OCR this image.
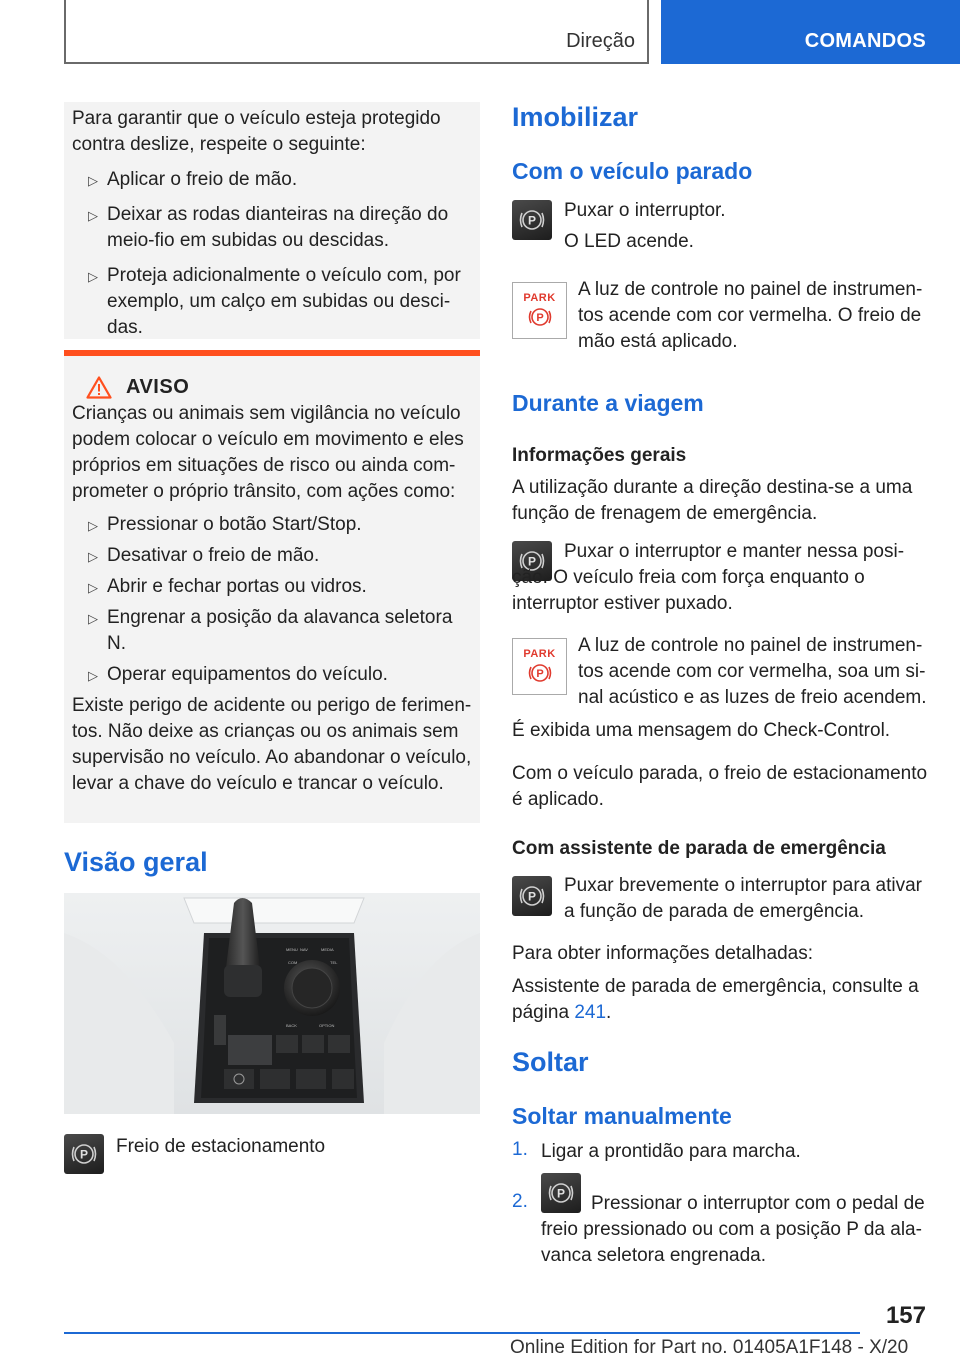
Direção	COMANDOS

Para garantir que o veículo esteja protegido contra deslize, respeite o seguinte:

▷ Aplicar o freio de mão.
▷ Deixar as rodas dianteiras na direção do meio-fio em subidas ou descidas.
▷ Proteja adicionalmente o veículo com, por exemplo, um calço em subidas ou desci-das.
AVISO

Crianças ou animais sem vigilância no veículo podem colocar o veículo em movimento e eles próprios em situações de risco ou ainda com-prometer o próprio trânsito, com ações como:

▷ Pressionar o botão Start/Stop.
▷ Desativar o freio de mão.
▷ Abrir e fechar portas ou vidros.
▷ Engrenar a posição da alavanca seletora N.
▷ Operar equipamentos do veículo.

Existe perigo de acidente ou perigo de ferimen-tos. Não deixe as crianças ou os animais sem supervisão no veículo. Ao abandonar o veículo, levar a chave do veículo e trancar o veículo.

Visão geral
MENU NAV	MEDIA
COM	TEL
BACK	OPTION
P Freio de estacionamento
Imobilizar
Com o veículo parado
P Puxar o interruptor.

O LED acende.

PARK
P

A luz de controle no painel de instrumen-tos acende com cor vermelha. O freio de mão está aplicado.

Durante a viagem
Informações gerais

A utilização durante a direção destina-se a uma função de frenagem de emergência.

P	Puxar o interruptor e manter nessa posi-ção. O veículo freia com força enquanto o interruptor estiver puxado.

PARK
P

A luz de controle no painel de instrumen-tos acende com cor vermelha, soa um si-nal acústico e as luzes de freio acendem.

É exibida uma mensagem do Check-Control.

Com o veículo parada, o freio de estacionamento é aplicado.

Com assistente de parada de emergência
P

Puxar brevemente o interruptor para ativar a função de parada de emergência.

Para obter informações detalhadas:

Assistente de parada de emergência, consulte a página 241.

Soltar
Soltar manualmente
1. Ligar a prontidão para marcha.

2. P	Pressionar o interruptor com o pedal de freio pressionado ou com a posição P da ala-vanca seletora engrenada.

157
Online Edition for Part no. 01405A1F148 - X/20
